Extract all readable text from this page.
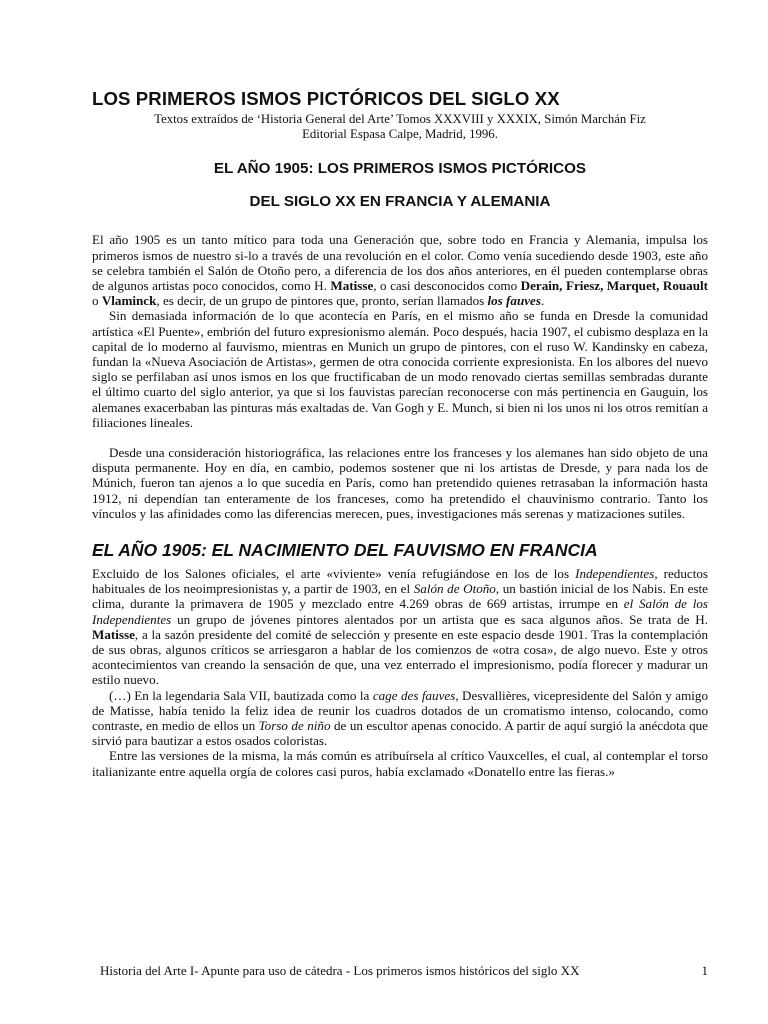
LOS PRIMEROS ISMOS PICTÓRICOS DEL SIGLO XX
Textos extraídos de ‘Historia General del Arte’ Tomos XXXVIII y XXXIX, Simón Marchán Fiz
Editorial Espasa Calpe, Madrid, 1996.
EL AÑO 1905: LOS PRIMEROS ISMOS PICTÓRICOS
DEL SIGLO XX EN FRANCIA Y ALEMANIA

El año 1905 es un tanto mítico para toda una Generación que, sobre todo en Francia y Alemania, impulsa los primeros ismos de nuestro si-lo a través de una revolución en el color. Como venía sucediendo desde 1903, este año se celebra también el Salón de Otoño pero, a diferencia de los dos años anteriores, en él pueden contemplarse obras de algunos artistas poco conocidos, como H. Matisse, o casi desconocidos como Derain, Friesz, Marquet, Rouault o Vlaminck, es decir, de un grupo de pintores que, pronto, serían llamados los fauves.

Sin demasiada información de lo que acontecía en París, en el mismo año se funda en Dresde la comunidad artística «El Puente», embrión del futuro expresionismo alemán. Poco después, hacia 1907, el cubismo desplaza en la capital de lo moderno al fauvismo, mientras en Munich un grupo de pintores, con el ruso W. Kandinsky en cabeza, fundan la «Nueva Asociación de Artistas», germen de otra conocida corriente expresionista. En los albores del nuevo siglo se perfilaban así unos ismos en los que fructificaban de un modo renovado ciertas semillas sembradas durante el último cuarto del siglo anterior, ya que si los fauvistas parecían reconocerse con más pertinencia en Gauguin, los alemanes exacerbaban las pinturas más exaltadas de. Van Gogh y E. Munch, si bien ni los unos ni los otros remitían a filiaciones lineales.

Desde una consideración historiográfica, las relaciones entre los franceses y los alemanes han sido objeto de una disputa permanente. Hoy en día, en cambio, podemos sostener que ni los artistas de Dresde, y para nada los de Múnich, fueron tan ajenos a lo que sucedía en París, como han pretendido quienes retrasaban la información hasta 1912, ni dependían tan enteramente de los franceses, como ha pretendido el chauvinismo contrario. Tanto los vínculos y las afinidades como las diferencias merecen, pues, investigaciones más serenas y matizaciones sutiles.

EL AÑO 1905: EL NACIMIENTO DEL FAUVISMO EN FRANCIA

Excluido de los Salones oficiales, el arte «viviente» venía refugiándose en los de los Independientes, reductos habituales de los neoimpresionistas y, a partir de 1903, en el Salón de Otoño, un bastión inicial de los Nabis. En este clima, durante la primavera de 1905 y mezclado entre 4.269 obras de 669 artistas, irrumpe en el Salón de los Independientes un grupo de jóvenes pintores alentados por un artista que es saca algunos años. Se trata de H. Matisse, a la sazón presidente del comité de selección y presente en este espacio desde 1901. Tras la contemplación de sus obras, algunos críticos se arriesgaron a hablar de los comienzos de «otra cosa», de algo nuevo. Este y otros acontecimientos van creando la sensación de que, una vez enterrado el impresionismo, podía florecer y madurar un estilo nuevo.

(…) En la legendaria Sala VII, bautizada como la cage des fauves, Desvallières, vicepresidente del Salón y amigo de Matisse, había tenido la feliz idea de reunir los cuadros dotados de un cromatismo intenso, colocando, como contraste, en medio de ellos un Torso de niño de un escultor apenas conocido. A partir de aquí surgió la anécdota que sirvió para bautizar a estos osados coloristas.

Entre las versiones de la misma, la más común es atribuírsela al crítico Vauxcelles, el cual, al contemplar el torso italianizante entre aquella orgía de colores casi puros, había exclamado «Donatello entre las fieras.»

Historia del Arte I- Apunte para uso de cátedra - Los primeros ismos históricos del siglo XX	1
